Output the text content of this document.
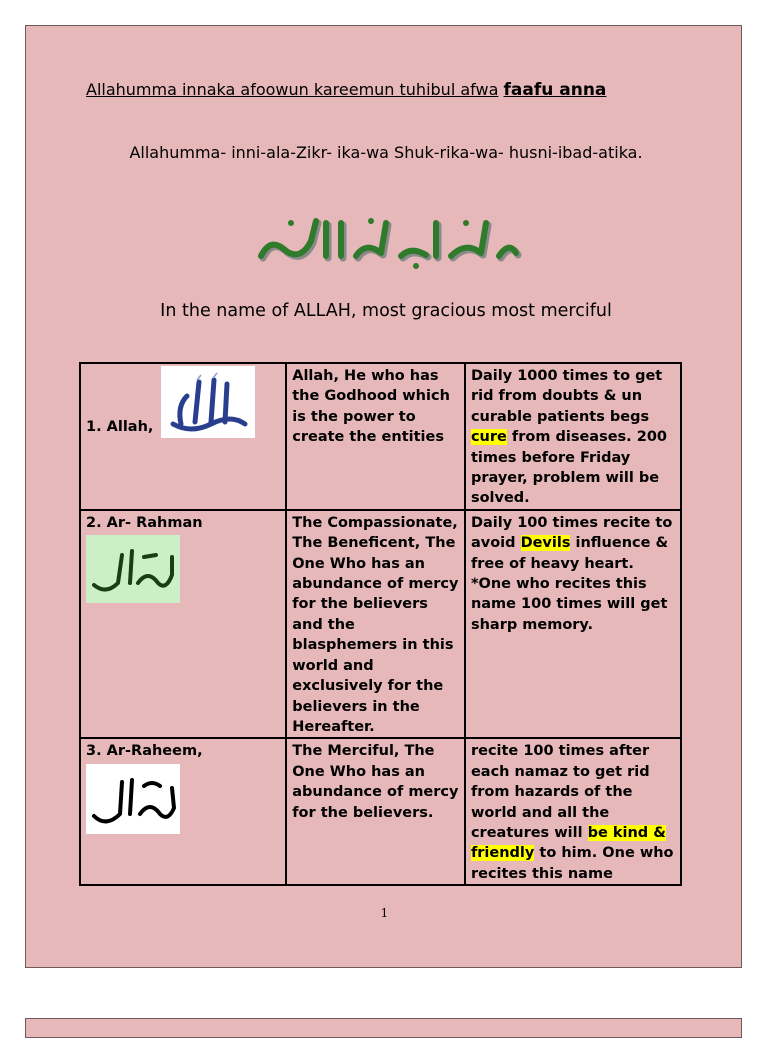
Allahumma innaka afoowun kareemun tuhibul afwa faafu anna
Allahumma- inni-ala-Zikr- ika-wa Shuk-rika-wa- husni-ibad-atika.
In the name of ALLAH, most gracious most merciful
1. Allah,	Allah, He who has the Godhood which is the power to create the entities	Daily 1000 times to get rid from doubts & un curable patients begs cure from diseases. 200 times before Friday prayer, problem will be solved.

2. Ar- Rahman	The Compassionate, The Beneficent, The One Who has an abundance of mercy for the believers and the blasphemers in this world and exclusively for the believers in the Hereafter.	Daily 100 times recite to avoid Devils influence & free of heavy heart. *One who recites this name 100 times will get sharp memory.

3. Ar-Raheem,	The Merciful, The One Who has an abundance of mercy for the believers.	recite 100 times after each namaz to get rid from hazards of the world and all the creatures will be kind & friendly to him. One who recites this name
1
